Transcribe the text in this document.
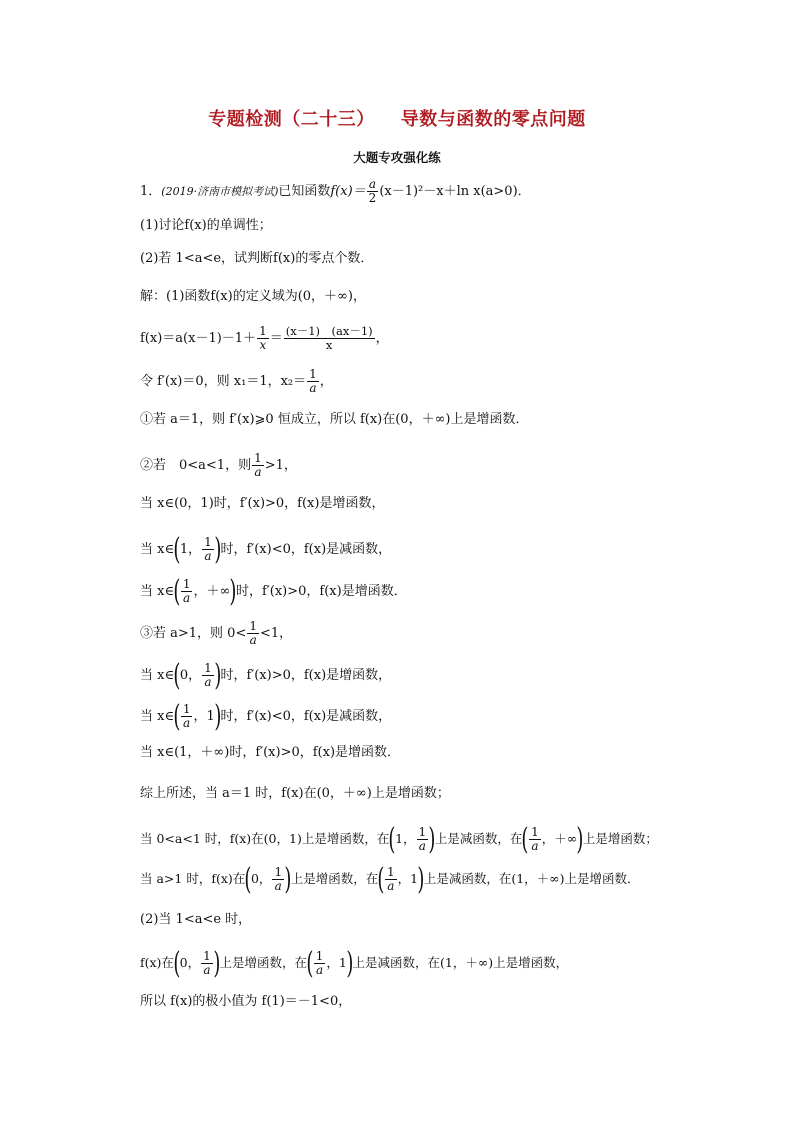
专题检测（二十三） 导数与函数的零点问题
大题专攻强化练
1．(2019·济南市模拟考试)已知函数$f(x)= \frac{a}{2} (x-1)^2-x+\ln$ x(a>0)．
(1)讨论f(x)的单调性；
(2)若 1<a<e，试判断f(x)的零点个数．
解：(1)函数f(x)的定义域为(0，＋∞)，
$f(x)=a(x-1)-1+ \frac{1}{x} = \frac{(x-1) (ax-1)}{x}$ ，
令 f′(x)＝0，则 x₁＝1，$x_2= \frac{1}{a}$ ，
①若 a＝1，则 f′(x)⩾0 恒成立，所以 f(x)在(0，＋∞)上是增函数．
②若　0<a<1，则 $\frac{1}{a} >1$，
当 x∈(0，1)时，f′(x)>0，f(x)是增函数，
当 x∈(1， $\frac{1}{a}$ )时，f′(x)<0，f(x)是减函数，
当 x∈( $\frac{1}{a}$ ，＋∞)时，f′(x)>0，f(x)是增函数．
③若 a>1，则 $0< \frac{1}{a} <1$，
当 x∈(0， $\frac{1}{a}$ )时，f′(x)>0，f(x)是增函数，
当 x∈( $\frac{1}{a}$ ，1)时，f′(x)<0，f(x)是减函数，
当 x∈(1，＋∞)时，f′(x)>0，f(x)是增函数．
综上所述，当 a＝1 时，f(x)在(0，＋∞)上是增函数；
当 0<a<1 时，f(x)在(0，1)上是增函数，在(1， $\frac{1}{a}$ )上是减函数，在( $\frac{1}{a}$ ，＋∞)上是增函数；
当 a>1 时，f(x)在(0， $\frac{1}{a}$ )上是增函数，在( $\frac{1}{a}$ ，1)上是减函数，在(1，＋∞)上是增函数．
(2)当 1<a<e 时，
f(x)在(0， $\frac{1}{a}$ )上是增函数，在( $\frac{1}{a}$ ，1)上是减函数，在(1，＋∞)上是增函数，
所以 f(x)的极小值为 f(1)＝－1<0，
